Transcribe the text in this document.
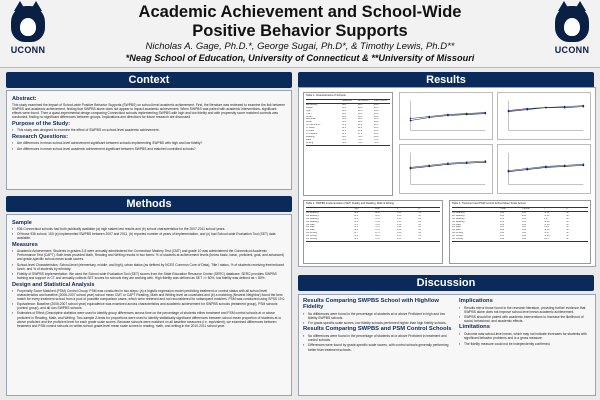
UCONN
Academic Achievement and School-Wide
Positive Behavior Supports
Nicholas A. Gage, Ph.D.*, George Sugai, Ph.D*, & Timothy Lewis, Ph.D**
*Neag School of Education, University of Connecticut & **University of Missouri
UCONN
Context
Abstract:
This study examined the impact of School-wide Positive Behavior Supports (SWPBS) on school-level academic achievement. First, the literature was reviewed to examine the link between SWPBS and academic achievement, finding that SWPBS alone does not appear to impact academic achievement. When SWPBS was paired with academic interventions, significant effects were found. Then a quasi-experimental design comparing Connecticut schools implementing SWPBS with high and low fidelity and with propensity score matched controls was conducted, finding no significant differences between groups. Implications and directions for future research are discussed.
Purpose of the Study:
▪ This study was designed to examine the effect of SWPBS on school-level academic achievement.
Research Questions:
▪ Are differences in mean school-level achievement significant between schools implementing SWPBS with high and low fidelity?
▪ Are differences in mean school-level academic achievement significant between SWPBS and matched controlled schools?
Methods
Sample
▪ 936 Connecticut schools had both publically available (a) high stakes test results and (b) school characteristics for the 2007-2011 school years.
▪ Of those 936 school, 150 (a) implemented SWPBS between 2007 and 2011, (b) reported number of years of implementation, and (c) had School-wide Evaluation Tool (SET) data available.
Measures
▪ Academic Achievement: Students in grades 3-8 were annually administered the Connecticut Mastery Test (CMT) and grade 10 was administered the Connecticut Academic Performance Test (CAPT). Both tests provided Math, Reading and Writing results in two forms: % of students at achievement levels (below basic, basic, proficient, goal, and advanced) and grade-specific school-mean scale scores.
▪ School-level Characteristics: School-level (elementary, middle, and high), urban status (as defined by NCES Common Core of Data), Title I status, % of students receiving free/reduced lunch, and % of students by ethnicity.
▪ Fidelity of SWPBS implementation: We used the School-wide Evaluation Tool (SET) scores from the State Education Resource Center (SERC) database. SERC provides SWPBS training and support in CT and annually collects SET scores for schools they are working with. High fidelity was defined as SET >= 80%, low fidelity was defined as < 80%.
Design and Statistical Analysis
▪ Propensity Score Matched (PSM) Control Group: PSM was conducted in two steps: (a) a logistic regression model predicting treatment or control status with all school level characteristics and baseline (2006-2007 school year) school mean CMT or CAPT Reading, Math and Writing level as covariates and (b) a matching (Nearest Neighbor) found the best match for every treatment school from a pool of possible comparison cases, which were retrieved and not reconsidered for subsequent matches. PSM was conducted using SPSS 19.0.
▪ Equivalence: Baseline (2006-2007 school year) equivalence was examined across characteristics and academic achievement for SWPBS schools (treatment group), PSM schools (control group), and all non-SWPBS schools.
▪ Estimates of Effect (Descriptive statistics were used to identify group differences across time on the percentage of students either treatment and PSM control schools at or above proficient in Reading, Math, and Writing. Two-sample Z-tests for proportions were used to identify statistically significant differences between school mean proportion of students at or above proficient and the proficient level for each grade scale scores. Because schools were matched on all baseline measures (i.e. equivalent), we examined differences between treatment and PSM control schools on within-school grade-level mean scale scores in reading, math, and writing in the 2010-2011 school year.
Results
Table 1. Characteristics of Schools
Treatment	All Control	PSM Control
Elementary	65%	61%	63%
Middle	21%	18%	21%
High	14%	21%	16%
Title I	43%	41%	40%
Urban	28%	30%	29%
Suburban	51%	49%	52%
Rural	21%	21%	19%
% Free Lunch	31.2	29.8	30.5
% White	62.4	64.1	63.0
% Black	14.1	13.2	13.8
% Hispanic	18.6	17.9	18.3
Reading	68%	70%	69%
Math	74%	75%	74%
Writing	72%	73%	72%
Table 2. SWPBS Implementation (SET) Fidelity and Reading, Math & Writing
High	Low	Z	p
3rd Reading	64.2	62.8	0.41	ns
4th Reading	66.1	65.0	0.33	ns
5th Reading	69.4	67.9	0.45	ns
6th Reading	72.0	70.8	0.36	ns
3rd Math	71.5	70.2	0.39	ns
4th Math	73.8	72.4	0.42	ns
5th Math	76.2	75.1	0.34	ns
3rd Writing	68.7	67.3	0.40	ns
4th Writing	70.9	69.5	0.41	ns
5th Writing	73.1	72.0	0.35	ns
Table 3. Treatment and PSM Control School Mean Scale Scores
Treat	Control	t	p
3rd Reading	248	250	-0.52	ns
4th Reading	251	252	-0.31	ns
5th Reading	255	254	0.27	ns
6th Reading	258	259	-0.22	ns
3rd Math	262	263	-0.18	ns
4th Math	265	264	0.24	ns
5th Math	268	269	-0.30	ns
3rd Writing	241	243	-0.47	ns
4th Writing	245	246	-0.29	ns
5th Writing	249	248	0.21	ns
Discussion
Results Comparing SWPBS School with High/low Fidelity
▪ No differences were found in the percentage of students at or above Proficient in high and low fidelity SWPBS schools.
▪ For grade-specific scale scores, low fidelity schools performed higher than high fidelity schools.
Results Comparing SWPBS and PSM Control Schools
▪ No differences were found in the percentage of students at or above Proficient in treatment and control schools.
▪ Differences were found by grade-specific scale scores, with control schools generally performing better than treatment schools.
Implications
▪ Results mirror those found in the research literature, providing further evidence that SWPBS alone does not improve school-level mean academic achievement.
▪ SWPBS should be paired with academic interventions to increase the likelihood of social, behavioral, and academic effects.
Limitations
▪ Outcome was school-level mean, which may not indicate increases for students with significant behavior problems and is a gross measure.
▪ The fidelity measure could not be independently confirmed.
